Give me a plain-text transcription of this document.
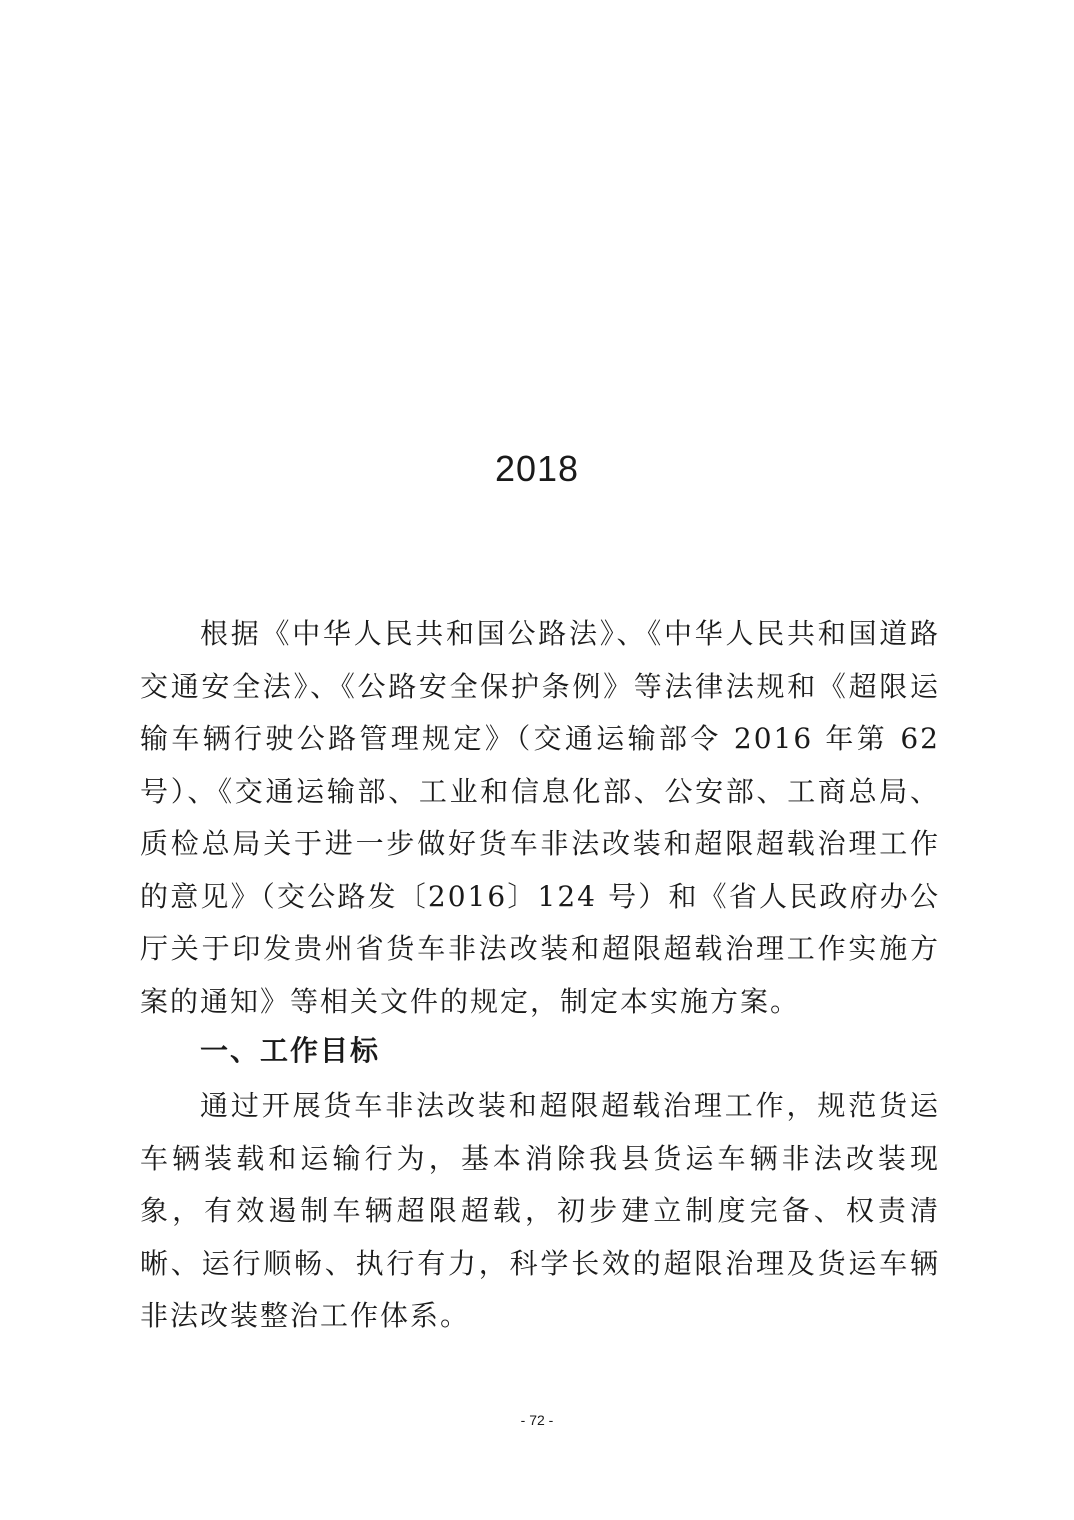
2018

根据《中华人民共和国公路法》、《中华人民共和国道路交通安全法》、《公路安全保护条例》等法律法规和《超限运输车辆行驶公路管理规定》（交通运输部令 2016 年第 62 号）、《交通运输部、工业和信息化部、公安部、工商总局、质检总局关于进一步做好货车非法改装和超限超载治理工作的意见》（交公路发〔2016〕124 号）和《省人民政府办公厅关于印发贵州省货车非法改装和超限超载治理工作实施方案的通知》等相关文件的规定，制定本实施方案。

一、工作目标

通过开展货车非法改装和超限超载治理工作，规范货运车辆装载和运输行为，基本消除我县货运车辆非法改装现象，有效遏制车辆超限超载，初步建立制度完备、权责清晰、运行顺畅、执行有力，科学长效的超限治理及货运车辆非法改装整治工作体系。

- 72 -
